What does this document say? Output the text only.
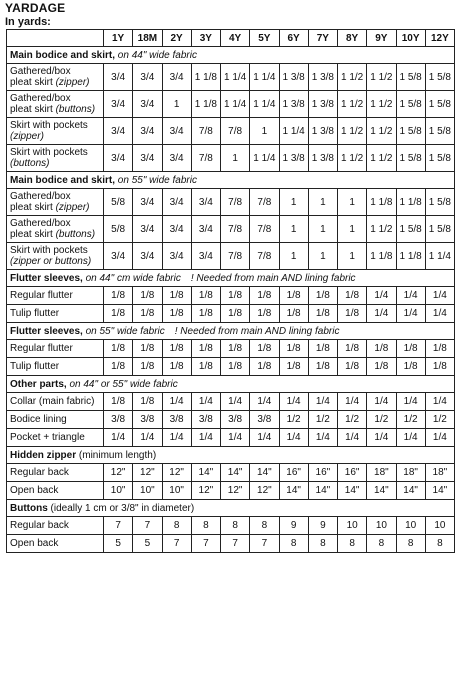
YARDAGE
In yards:
	1Y	18M	2Y	3Y	4Y	5Y	6Y	7Y	8Y	9Y	10Y	12Y
Main bodice and skirt, on 44" wide fabric												
Gathered/box
pleat skirt (zipper)	3/4	3/4	3/4	1 1/8	1 1/4	1 1/4	1 3/8	1 3/8	1 1/2	1 1/2	1 5/8	1 5/8
Gathered/box
pleat skirt (buttons)	3/4	3/4	1	1 1/8	1 1/4	1 1/4	1 3/8	1 3/8	1 1/2	1 1/2	1 5/8	1 5/8
Skirt with pockets
(zipper)	3/4	3/4	3/4	7/8	7/8	1	1 1/4	1 3/8	1 1/2	1 1/2	1 5/8	1 5/8
Skirt with pockets
(buttons)	3/4	3/4	3/4	7/8	1	1 1/4	1 3/8	1 3/8	1 1/2	1 1/2	1 5/8	1 5/8
Main bodice and skirt, on 55" wide fabric												
Gathered/box
pleat skirt (zipper)	5/8	3/4	3/4	3/4	7/8	7/8	1	1	1	1 1/8	1 1/8	1 5/8
Gathered/box
pleat skirt (buttons)	5/8	3/4	3/4	3/4	7/8	7/8	1	1	1	1 1/2	1 5/8	1 5/8
Skirt with pockets
(zipper or buttons)	3/4	3/4	3/4	3/4	7/8	7/8	1	1	1	1 1/8	1 1/8	1 1/4
Flutter sleeves, on 44" cm wide fabric ! Needed from main AND lining fabric												
Regular flutter	1/8	1/8	1/8	1/8	1/8	1/8	1/8	1/8	1/8	1/4	1/4	1/4
Tulip flutter	1/8	1/8	1/8	1/8	1/8	1/8	1/8	1/8	1/8	1/4	1/4	1/4
Flutter sleeves, on 55" wide fabric ! Needed from main AND lining fabric												
Regular flutter	1/8	1/8	1/8	1/8	1/8	1/8	1/8	1/8	1/8	1/8	1/8	1/8
Tulip flutter	1/8	1/8	1/8	1/8	1/8	1/8	1/8	1/8	1/8	1/8	1/8	1/8
Other parts, on 44" or 55" wide fabric												
Collar (main fabric)	1/8	1/8	1/4	1/4	1/4	1/4	1/4	1/4	1/4	1/4	1/4	1/4
Bodice lining	3/8	3/8	3/8	3/8	3/8	3/8	1/2	1/2	1/2	1/2	1/2	1/2
Pocket + triangle	1/4	1/4	1/4	1/4	1/4	1/4	1/4	1/4	1/4	1/4	1/4	1/4
Hidden zipper (minimum length)												
Regular back	12"	12"	12"	14"	14"	14"	16"	16"	16"	18"	18"	18"
Open back	10"	10"	10"	12"	12"	12"	14"	14"	14"	14"	14"	14"
Buttons (ideally 1 cm or 3/8" in diameter)												
Regular back	7	7	8	8	8	8	9	9	10	10	10	10
Open back	5	5	7	7	7	7	8	8	8	8	8	8
